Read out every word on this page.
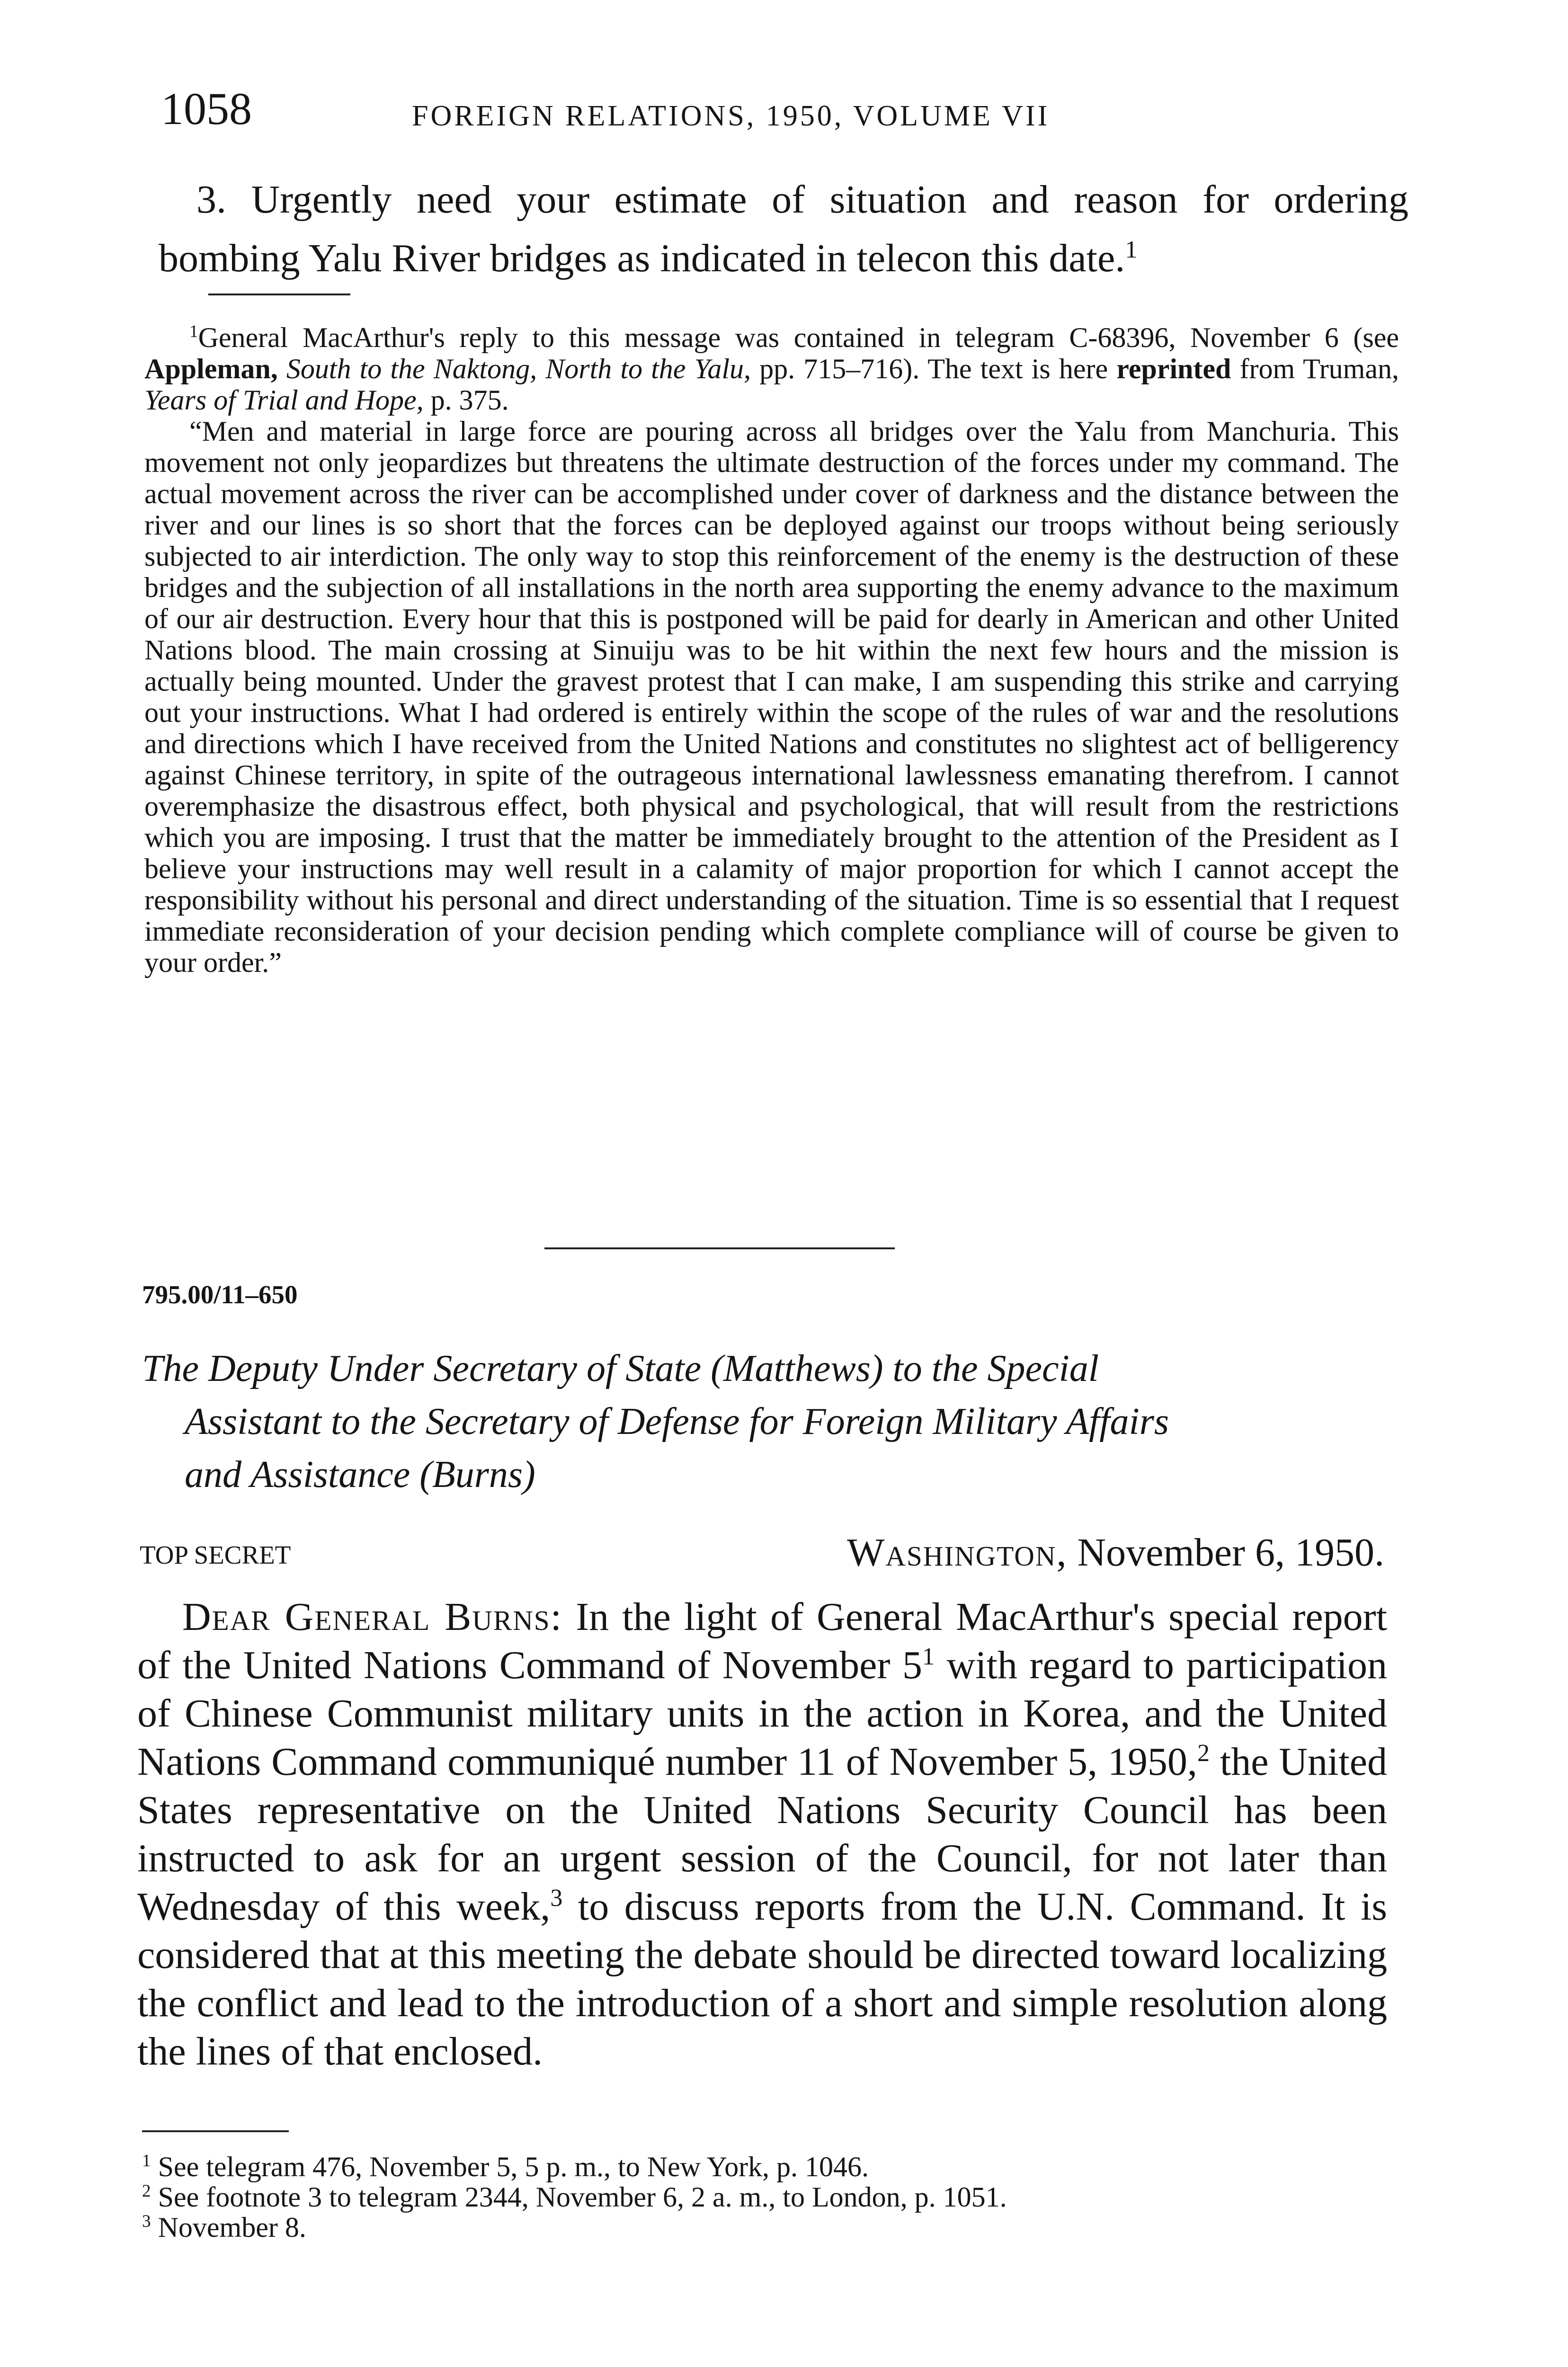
1058	FOREIGN RELATIONS, 1950, VOLUME VII

3. Urgently need your estimate of situation and reason for ordering bombing Yalu River bridges as indicated in telecon this date.$^1$

$^1$General MacArthur's reply to this message was contained in telegram C-68396, November 6 (see Appleman, South to the Naktong, North to the Yalu, pp. 715–716). The text is here reprinted from Truman, Years of Trial and Hope, p. 375.

“Men and material in large force are pouring across all bridges over the Yalu from Manchuria. This movement not only jeopardizes but threatens the ultimate destruction of the forces under my command. The actual movement across the river can be accomplished under cover of darkness and the distance between the river and our lines is so short that the forces can be deployed against our troops without being seriously subjected to air interdiction. The only way to stop this reinforcement of the enemy is the destruction of these bridges and the subjection of all installations in the north area supporting the enemy advance to the maximum of our air destruction. Every hour that this is postponed will be paid for dearly in American and other United Nations blood. The main crossing at Sinuiju was to be hit within the next few hours and the mission is actually being mounted. Under the gravest protest that I can make, I am suspending this strike and carrying out your instructions. What I had ordered is entirely within the scope of the rules of war and the resolutions and directions which I have received from the United Nations and constitutes no slightest act of belligerency against Chinese territory, in spite of the outrageous international lawlessness emanating therefrom. I cannot overemphasize the disastrous effect, both physical and psychological, that will result from the restrictions which you are imposing. I trust that the matter be immediately brought to the attention of the President as I believe your instructions may well result in a calamity of major proportion for which I cannot accept the responsibility without his personal and direct understanding of the situation. Time is so essential that I request immediate reconsideration of your decision pending which complete compliance will of course be given to your order.”

795.00/11–650
The Deputy Under Secretary of State (Matthews) to the Special
Assistant to the Secretary of Defense for Foreign Military Affairs
and Assistance (Burns)
TOP SECRET	Washington, November 6, 1950.

Dear General Burns: In the light of General MacArthur's special report of the United Nations Command of November $5^1$ with regard to participation of Chinese Communist military units in the action in Korea, and the United Nations Command communiqué number 11 of November 5, 1950,$^2$ the United States representative on the United Nations Security Council has been instructed to ask for an urgent session of the Council, for not later than Wednesday of this week,$^3$ to discuss reports from the U.N. Command. It is considered that at this meeting the debate should be directed toward localizing the conflict and lead to the introduction of a short and simple resolution along the lines of that enclosed.

$^1$ See telegram 476, November 5, 5 p. m., to New York, p. 1046.

$^2$ See footnote 3 to telegram 2344, November 6, 2 a. m., to London, p. 1051.

$^3$ November 8.
